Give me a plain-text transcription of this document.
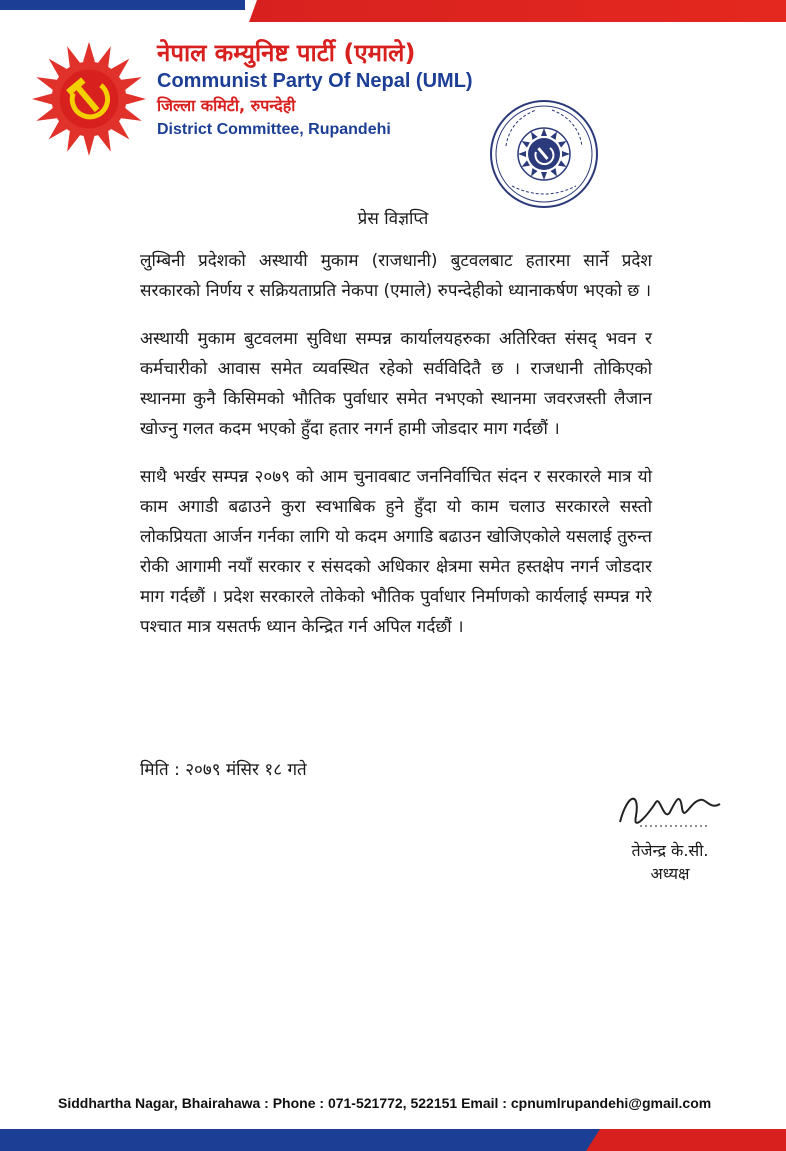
नेपाल कम्युनिष्ट पार्टी (एमाले)

Communist Party Of Nepal (UML)

जिल्ला कमिटी, रुपन्देही

District Committee, Rupandehi

प्रेस विज्ञप्ति

लुम्बिनी प्रदेशको अस्थायी मुकाम (राजधानी) बुटवलबाट हतारमा सार्ने प्रदेश सरकारको निर्णय र सक्रियताप्रति नेकपा (एमाले) रुपन्देहीको ध्यानाकर्षण भएको छ ।

अस्थायी मुकाम बुटवलमा सुविधा सम्पन्न कार्यालयहरुका अतिरिक्त संसद् भवन र कर्मचारीको आवास समेत व्यवस्थित रहेको सर्वविदितै छ । राजधानी तोकिएको स्थानमा कुनै किसिमको भौतिक पुर्वाधार समेत नभएको स्थानमा जवरजस्ती लैजान खोज्नु गलत कदम भएको हुँदा हतार नगर्न हामी जोडदार माग गर्दछौं ।

साथै भर्खर सम्पन्न २०७९ को आम चुनावबाट जननिर्वाचित संदन र सरकारले मात्र यो काम अगाडी बढाउने कुरा स्वभाबिक हुने हुँदा यो काम चलाउ सरकारले सस्तो लोकप्रियता आर्जन गर्नका लागि यो कदम अगाडि बढाउन खोजिएकोले यसलाई तुरुन्त रोकी आगामी नयाँ सरकार र संसदको अधिकार क्षेत्रमा समेत हस्तक्षेप नगर्न जोडदार माग गर्दछौं । प्रदेश सरकारले तोकेको भौतिक पुर्वाधार निर्माणको कार्यलाई सम्पन्न गरे पश्चात मात्र यसतर्फ ध्यान केन्द्रित गर्न अपिल गर्दछौं ।

मिति : २०७९ मंसिर १८ गते
तेजेन्द्र के.सी.
अध्यक्ष
Siddhartha Nagar, Bhairahawa : Phone : 071-521772, 522151 Email : cpnumlrupandehi@gmail.com
